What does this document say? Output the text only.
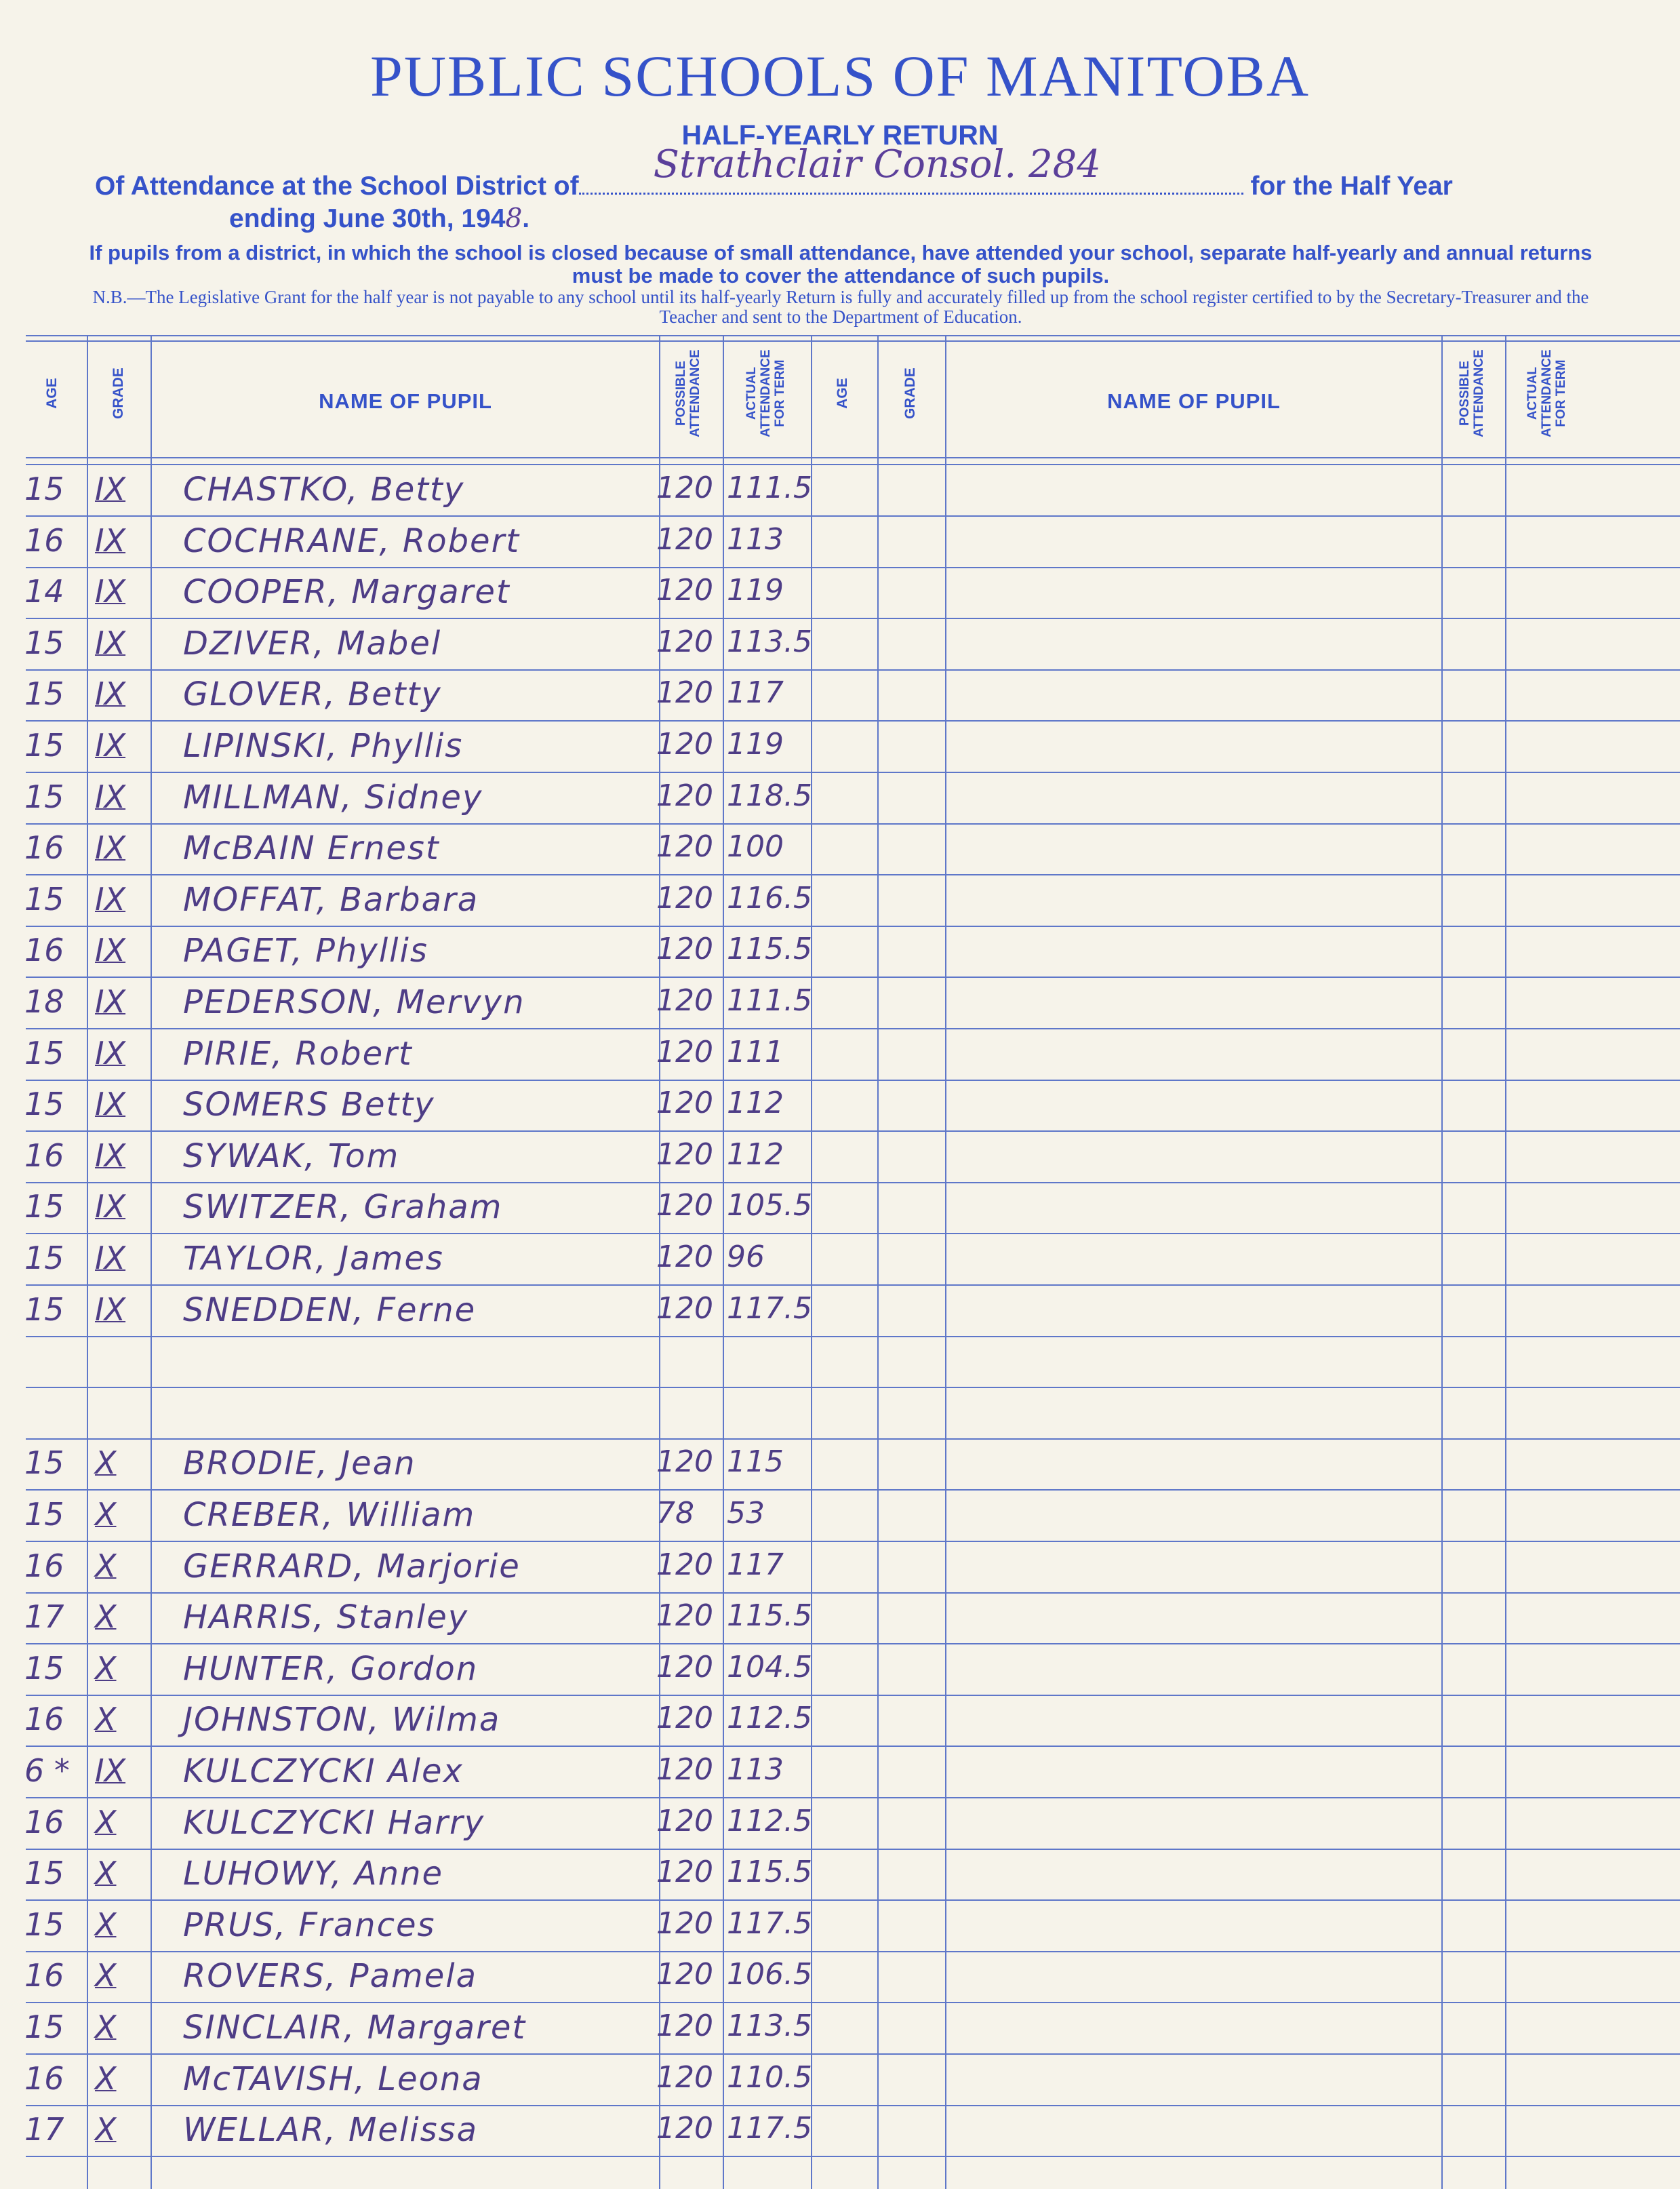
PUBLIC SCHOOLS OF MANITOBA
HALF-YEARLY RETURN
Of Attendance at the School District of Strathclair Consol. 284	for the Half Year
ending June 30th, 1948.
If pupils from a district, in which the school is closed because of small attendance, have attended your school, separate half-yearly and annual returns must be made to cover the attendance of such pupils.
N.B.—The Legislative Grant for the half year is not payable to any school until its half-yearly Return is fully and accurately filled up from the school register certified to by the Secretary-Treasurer and the Teacher and sent to the Department of Education.
AGE	GRADE	NAME OF PUPIL	POSSIBLE ATTENDANCE	ACTUAL ATTENDANCE FOR TERM	AGE	GRADE	NAME OF PUPIL	POSSIBLE ATTENDANCE	ACTUAL ATTENDANCE FOR TERM
15 IX	CHASTKO, Betty	120 111.5
16 IX	COCHRANE, Robert	120 113
14 IX	COOPER, Margaret	120 119
15 IX	DZIVER, Mabel	120 113.5
15 IX	GLOVER, Betty	120 117
15 IX	LIPINSKI, Phyllis	120 119
15 IX	MILLMAN, Sidney	120 118.5
16 IX	McBAIN Ernest	120 100
15 IX	MOFFAT, Barbara	120 116.5
16 IX	PAGET, Phyllis	120 115.5
18 IX	PEDERSON, Mervyn	120 111.5
15 IX	PIRIE, Robert	120 111
15 IX	SOMERS Betty	120 112
16 IX	SYWAK, Tom	120 112
15 IX	SWITZER, Graham	120 105.5
15 IX	TAYLOR, James	120 96
15 IX	SNEDDEN, Ferne	120 117.5
15 X	BRODIE, Jean	120 115
15 X	CREBER, William	78	53
16 X	GERRARD, Marjorie	120 117
17 X	HARRIS, Stanley	120 115.5
15 X	HUNTER, Gordon	120 104.5
16 X	JOHNSTON, Wilma	120 112.5
6 * IX	KULCZYCKI Alex	120 113
16 X	KULCZYCKI Harry	120 112.5
15 X	LUHOWY, Anne	120 115.5
15 X	PRUS, Frances	120 117.5
16 X	ROVERS, Pamela	120 106.5
15 X	SINCLAIR, Margaret	120 113.5
16 X	McTAVISH, Leona	120 110.5
17 X	WELLAR, Melissa	120 117.5
